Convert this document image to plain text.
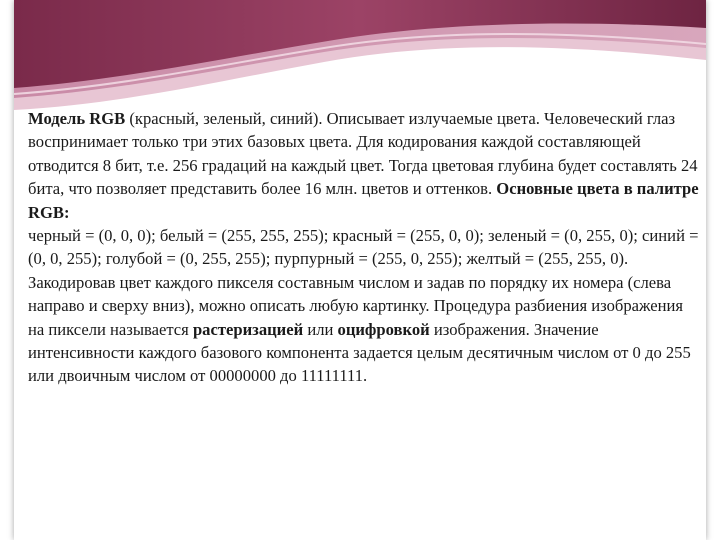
Модель RGB (красный, зеленый, синий). Описывает излучаемые цвета. Человеческий глаз воспринимает только три этих базовых цвета. Для кодирования каждой составляющей отводится 8 бит, т.е. 256 градаций на каждый цвет. Тогда цветовая глубина будет составлять 24 бита, что позволяет представить более 16 млн. цветов и оттенков. Основные цвета в палитре RGB:
черный = (0, 0, 0); белый = (255, 255, 255); красный = (255, 0, 0); зеленый = (0, 255, 0); синий = (0, 0, 255); голубой = (0, 255, 255); пурпурный = (255, 0, 255); желтый = (255, 255, 0).
Закодировав цвет каждого пикселя составным числом и задав по порядку их номера (слева направо и сверху вниз), можно описать любую картинку. Процедура разбиения изображения на пиксели называется растеризацией или оцифровкой изображения. Значение интенсивности каждого базового компонента задается целым десятичным числом от 0 до 255 или двоичным числом от 00000000 до 11111111.
